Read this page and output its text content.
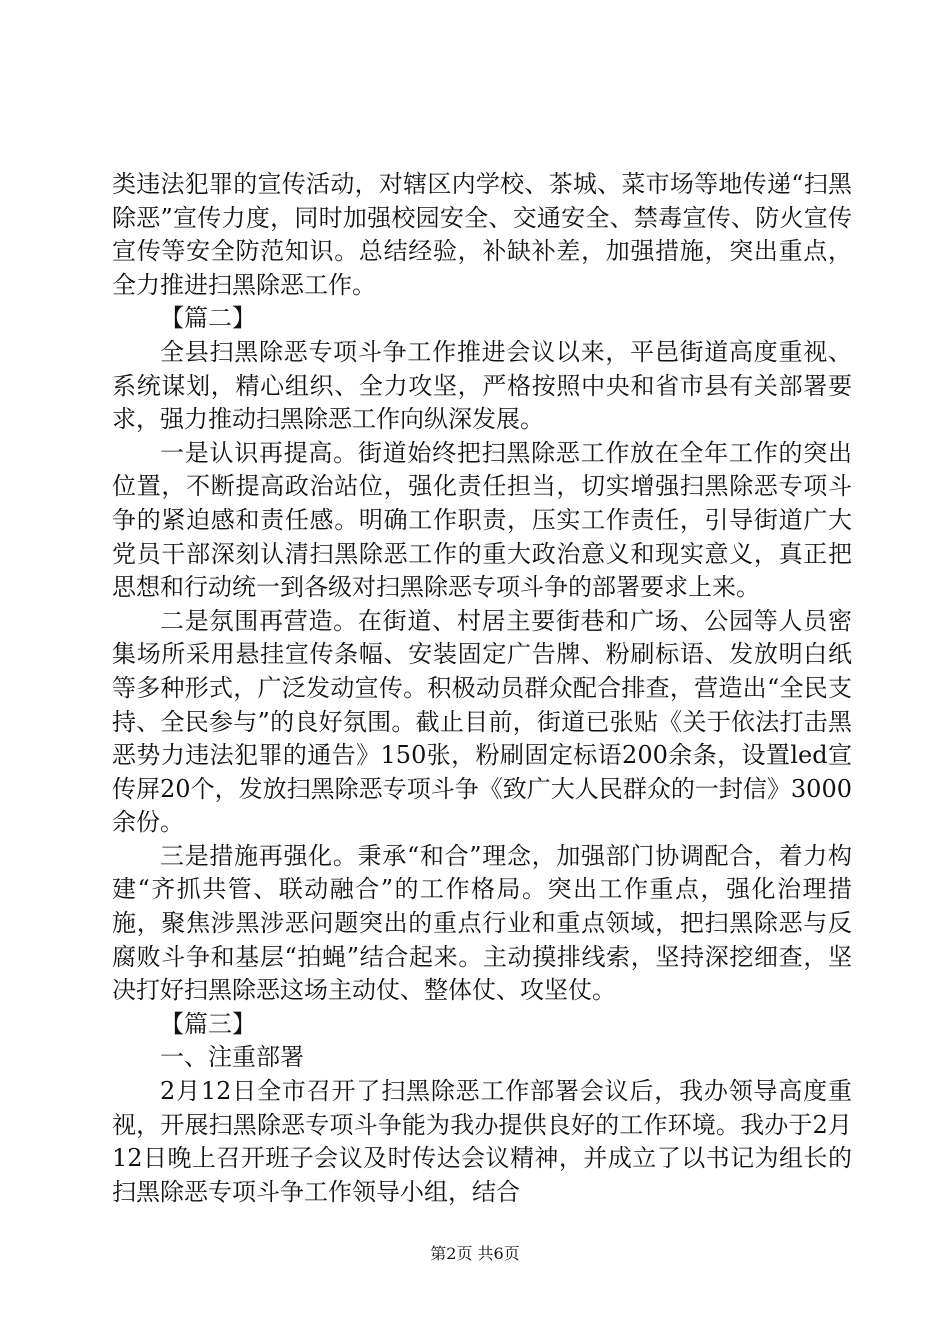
类违法犯罪的宣传活动，对辖区内学校、茶城、菜市场等地传递“扫黑除恶”宣传力度，同时加强校园安全、交通安全、禁毒宣传、防火宣传宣传等安全防范知识。总结经验，补缺补差，加强措施，突出重点，全力推进扫黑除恶工作。

【篇二】

全县扫黑除恶专项斗争工作推进会议以来，平邑街道高度重视、系统谋划，精心组织、全力攻坚，严格按照中央和省市县有关部署要求，强力推动扫黑除恶工作向纵深发展。

一是认识再提高。街道始终把扫黑除恶工作放在全年工作的突出位置，不断提高政治站位，强化责任担当，切实增强扫黑除恶专项斗争的紧迫感和责任感。明确工作职责，压实工作责任，引导街道广大党员干部深刻认清扫黑除恶工作的重大政治意义和现实意义，真正把思想和行动统一到各级对扫黑除恶专项斗争的部署要求上来。

二是氛围再营造。在街道、村居主要街巷和广场、公园等人员密集场所采用悬挂宣传条幅、安装固定广告牌、粉刷标语、发放明白纸等多种形式，广泛发动宣传。积极动员群众配合排查，营造出“全民支持、全民参与”的良好氛围。截止目前，街道已张贴《关于依法打击黑恶势力违法犯罪的通告》150张，粉刷固定标语200余条，设置led宣传屏20个，发放扫黑除恶专项斗争《致广大人民群众的一封信》3000余份。

三是措施再强化。秉承“和合”理念，加强部门协调配合，着力构建“齐抓共管、联动融合”的工作格局。突出工作重点，强化治理措施，聚焦涉黑涉恶问题突出的重点行业和重点领域，把扫黑除恶与反腐败斗争和基层“拍蝇”结合起来。主动摸排线索，坚持深挖细查，坚决打好扫黑除恶这场主动仗、整体仗、攻坚仗。

【篇三】

一、注重部署

2月12日全市召开了扫黑除恶工作部署会议后，我办领导高度重视，开展扫黑除恶专项斗争能为我办提供良好的工作环境。我办于2月12日晚上召开班子会议及时传达会议精神，并成立了以书记为组长的扫黑除恶专项斗争工作领导小组，结合

第2页 共6页
